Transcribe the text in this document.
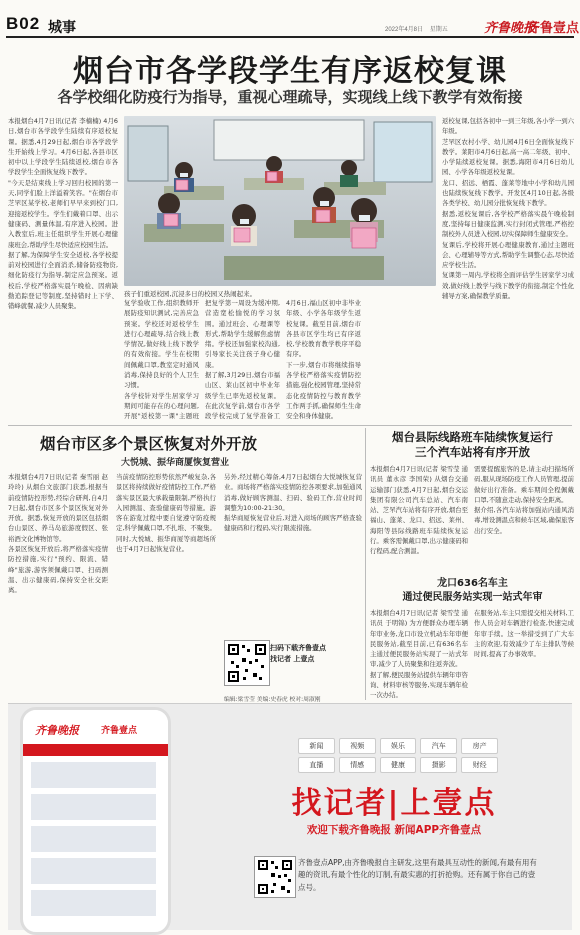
B02 城事	2022年4月8日 星期五	齐鲁晚报
齐鲁壹点
烟台市各学段学生有序返校复课
各学校细化防疫行为指导，重视心理疏导，实现线上线下教学有效衔接
本报烟台4月7日讯(记者 李楠楠) 4月6日,烟台市各学段学生陆续有序返校复课。据悉,4月29日起,烟台市各学段学生开始线上学习。4月6日起,各县市区初中以上学段学生陆续返校,烟台市各学段学生全面恢复线下教学。
"今天是结束线上学习回归校园的第一天,同学们脸上洋溢着笑容。"在烟台市芝罘区某学校,老师们早早来到校门口,迎接返校学生。学生们戴着口罩、出示健康码、测量体温,有序进入校园。进入教室后,班主任组织学生开展心理健康班会,帮助学生尽快适应校园生活。
据了解,为保障学生安全返校,各学校提前对校园进行全面消杀,储备防疫物资,细化防疫行为指导,制定应急预案。返校后,学校严格落实晨午晚检、因病缺勤追踪登记等制度,坚持错时上下学、错峰就餐,减少人员聚集。
孩子们重返校园,沉浸多日的校园又热闹起来。
复学验收工作,组织教师开展防疫知识测试,完善应急预案。学校还对返校学生进行心理疏导,结合线上教学情况,做好线上线下教学的有效衔接。学生在校期间佩戴口罩,教室定时通风消毒,保持良好的个人卫生习惯。
各学校针对学生居家学习期间可能存在的心理问题,开展"返校第一课"主题班
把复学第一周设为缓冲期,营造宽松愉悦的学习氛围。通过班会、心理课等形式,帮助学生缓解焦虑情绪。学校还加强家校沟通,引导家长关注孩子身心健康。
据了解,3月29日,烟台市福山区、莱山区初中毕业年级学生已率先返校复课。在此次复学前,烟台市各学段学校完成了复学准备工
4月6日,福山区初中非毕业年级、小学各年级学生返校复课。截至目前,烟台市各县市区学生均已有序返校,学校教育教学秩序平稳有序。
下一步,烟台市将继续指导各学校严格落实疫情防控措施,强化校园管理,坚持常态化疫情防控与教育教学工作两手抓,确保师生生命安全和身体健康。
返校复课,包括各初中一到三年级,各小学一到六年级。
芝罘区农村小学、幼儿园4月6日全面恢复线下教学。莱阳市4月6日起,高一高二年级、初中、小学陆续返校复课。据悉,海阳市4月6日幼儿园、小学各年级返校复课。
龙口、招远、栖霞、蓬莱等地中小学和幼儿园也陆续恢复线下教学。开发区4月10日起,各级各类学校、幼儿园分批恢复线下教学。
据悉,返校复课后,各学校严格落实晨午晚检制度,坚持每日健康监测,实行封闭式管理,严格控制校外人员进入校园,切实保障师生健康安全。
复课后,学校将开展心理健康教育,通过主题班会、心理辅导等方式,帮助学生调整心态,尽快适应学校生活。
复课第一周内,学校将全面评估学生居家学习成效,做好线上教学与线下教学的衔接,制定个性化辅导方案,确保教学质量。
烟台市区多个景区恢复对外开放
大悦城、振华商厦恢复营业
本报烟台4月7日讯(记者 秦雪丽 赵玲玲) 从烟台文旅部门获悉,根据当前疫情防控形势,经综合研判,自4月7日起,烟台市区多个景区恢复对外开放。据悉,恢复开放的景区包括烟台山景区、养马岛旅游度假区、张裕酒文化博物馆等。
各景区恢复开放后,将严格落实疫情防控措施,实行"预约、限流、错峰"旅游,游客须佩戴口罩、扫码测温、出示健康码,保持安全社交距离。
当前疫情防控形势依然严峻复杂,各景区将持续做好疫情防控工作,严格落实景区最大承载量限制,严格执行入园测温、查验健康码等措施。游客在游览过程中要自觉遵守防疫规定,科学佩戴口罩,不扎堆、不聚集。
同时,大悦城、振华商厦等商超场所也于4月7日起恢复营业。
另外,经过精心筹备,4月7日起烟台大悦城恢复营业。商场将严格落实疫情防控各项要求,加强通风消毒,做好顾客测温、扫码、验码工作,营业时间调整为10:00-21:30。
振华商厦恢复营业后,对进入商场的顾客严格查验健康码和行程码,实行限流措施。
扫码下载齐鲁壹点
找记者 上壹点
编辑:梁雪莹 美编:史春虎 校对:周淑刚
烟台县际线路班车陆续恢复运行
三个汽车站将有序开放
本报烟台4月7日讯(记者 梁雪莹 通讯员 董永彦 李国荣) 从烟台交通运输部门获悉,4月7日起,烟台交运集团有限公司汽车总站、汽车南站、芝罘汽车站将有序开放,烟台至福山、蓬莱、龙口、招远、莱州、海阳等县际线路班车陆续恢复运行。乘客需佩戴口罩,出示健康码和行程码,配合测温。
需要提醒旅客的是,请主动扫描场所码,服从现场防疫工作人员管理,提前做好出行准备。乘车期间全程佩戴口罩,不随意走动,保持安全距离。
据介绍,各汽车站将加强站内通风消毒,增设测温点和候车区域,确保旅客出行安全。
龙口636名车主
通过便民服务站实现一站式年审
本报烟台4月7日讯(记者 梁雪莹 通讯员 于明锦) 为方便群众办理车辆年审业务,龙口市设立机动车年审便民服务站,截至目前,已有636名车主通过便民服务站实现了一站式年审,减少了人员聚集和往返奔波。
据了解,便民服务站提供车辆年审咨询、材料审核等服务,实现车辆年检一次办结。
在服务站,车主只需提交相关材料,工作人员会对车辆进行检查,快速完成年审手续。这一举措受到了广大车主的欢迎,有效减少了车主排队等候时间,提高了办事效率。
齐鲁晚报 齐鲁壹点
新闻	视频	娱乐	汽车	房产
直播	情感	健康	摄影	财经
找记者|上壹点
欢迎下载齐鲁晚报 新闻APP齐鲁壹点
齐鲁壹点APP,由齐鲁晚报自主研发,这里有最具互动性的新闻,有最有用有趣的资讯,有最个性化的订制,有最实惠的打折抢购。还有属于你自己的壹点号。
